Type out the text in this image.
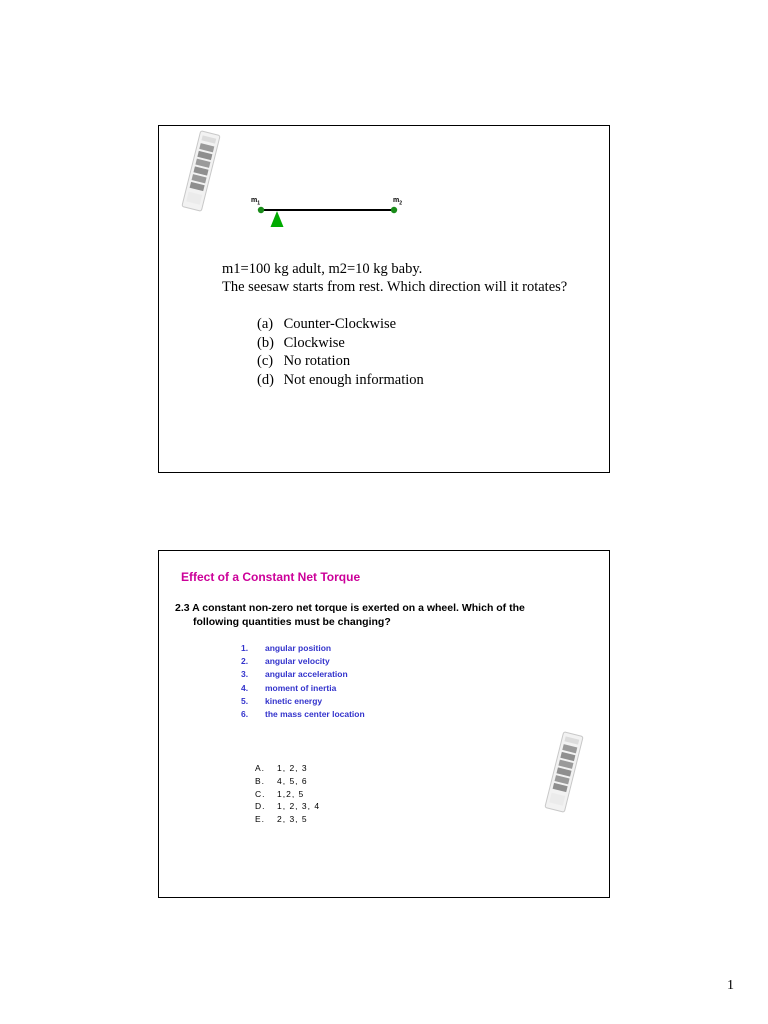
$m_1$	$m_2$
m1=100 kg adult, m2=10 kg baby.
The seesaw starts from rest. Which direction will it rotates?
(a) Counter-Clockwise
(b) Clockwise
(c) No rotation
(d) Not enough information
Effect of a Constant Net Torque
2.3 A constant non-zero net torque is exerted on a wheel. Which of the
following quantities must be changing?
1. angular position
2. angular velocity
3. angular acceleration
4. moment of inertia
5. kinetic energy
6. the mass center location
A. 1, 2, 3
B. 4, 5, 6
C. 1,2, 5
D. 1, 2, 3, 4
E. 2, 3, 5
1
